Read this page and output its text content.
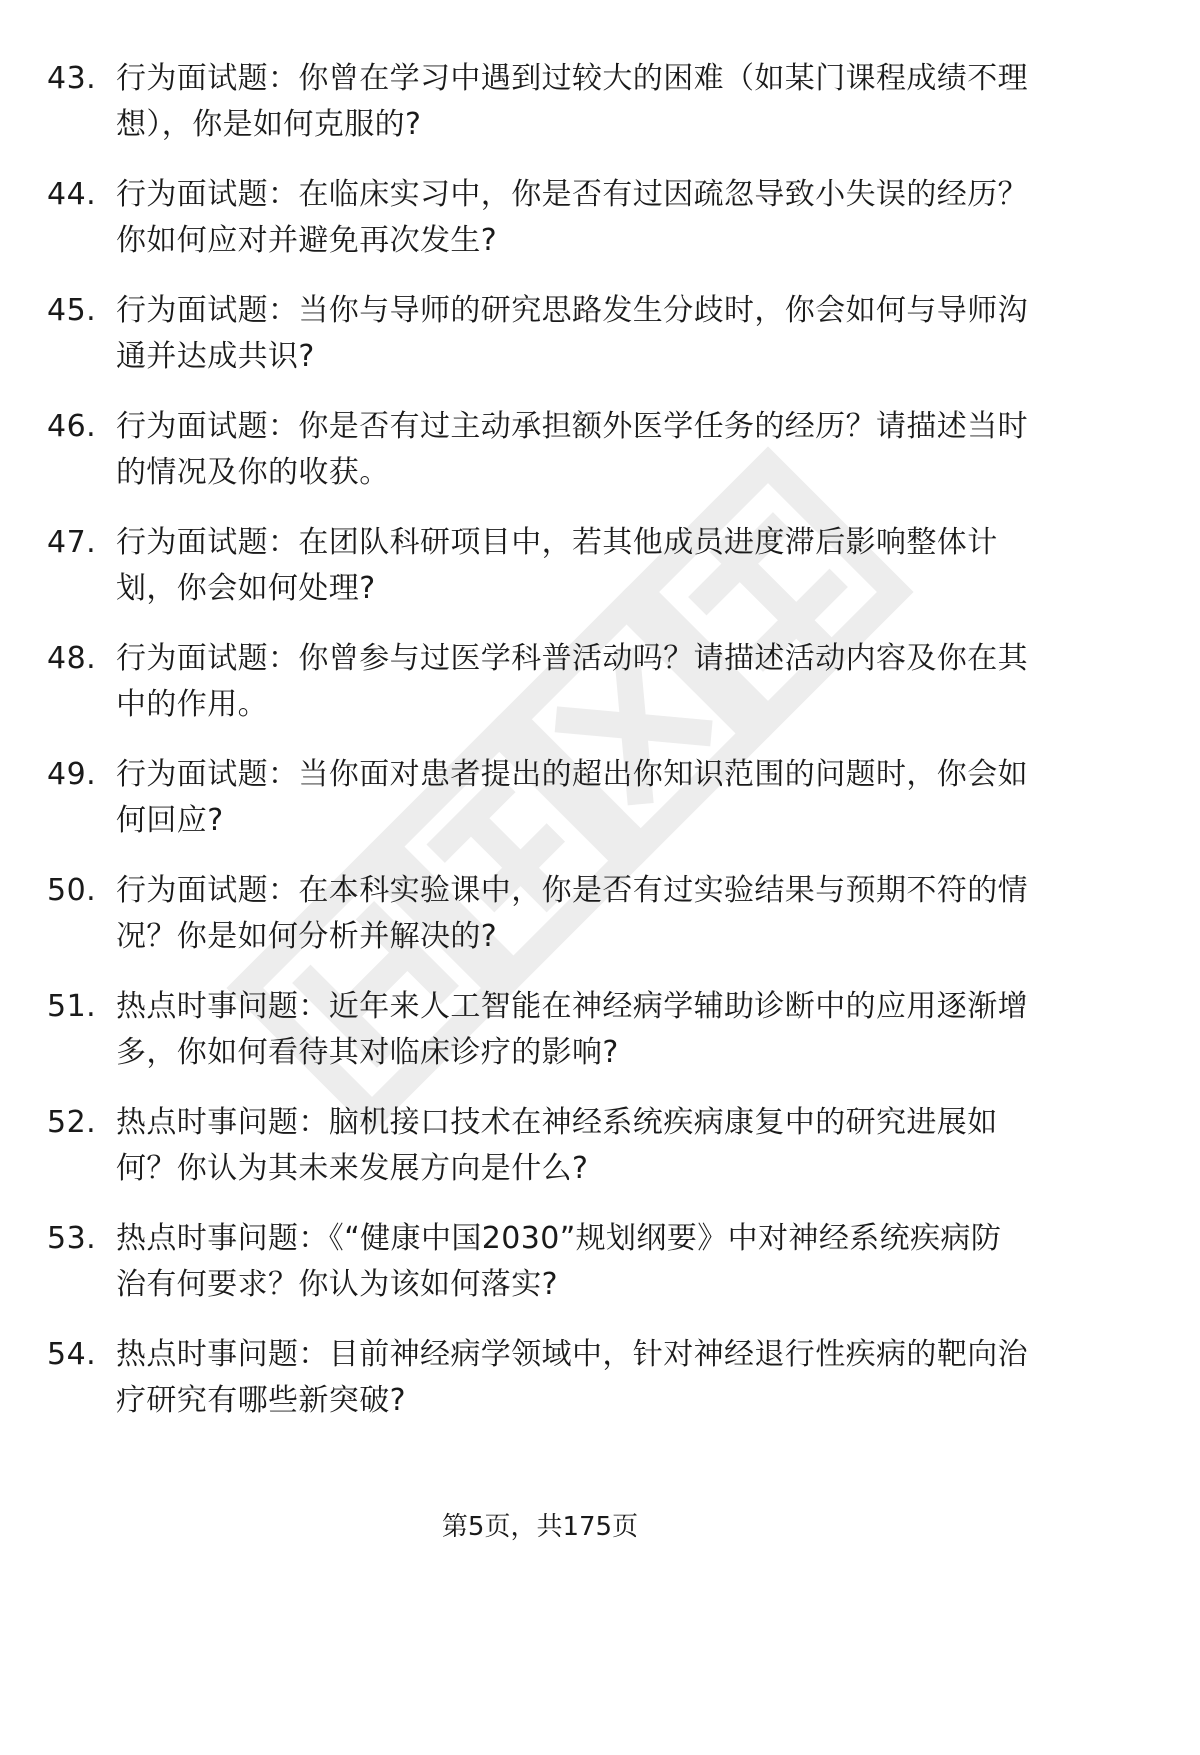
43. 行为面试题：你曾在学习中遇到过较大的困难（如某门课程成绩不理想），你是如何克服的?
44. 行为面试题：在临床实习中，你是否有过因疏忽导致小失误的经历？你如何应对并避免再次发生?
45. 行为面试题：当你与导师的研究思路发生分歧时，你会如何与导师沟通并达成共识?
46. 行为面试题：你是否有过主动承担额外医学任务的经历？请描述当时的情况及你的收获。
47. 行为面试题：在团队科研项目中，若其他成员进度滞后影响整体计划，你会如何处理?
48. 行为面试题：你曾参与过医学科普活动吗？请描述活动内容及你在其中的作用。
49. 行为面试题：当你面对患者提出的超出你知识范围的问题时，你会如何回应?
50. 行为面试题：在本科实验课中，你是否有过实验结果与预期不符的情况？你是如何分析并解决的?
51. 热点时事问题：近年来人工智能在神经病学辅助诊断中的应用逐渐增多，你如何看待其对临床诊疗的影响?
52. 热点时事问题：脑机接口技术在神经系统疾病康复中的研究进展如何？你认为其未来发展方向是什么?
53. 热点时事问题：《“健康中国2030”规划纲要》中对神经系统疾病防治有何要求？你认为该如何落实?
54. 热点时事问题：目前神经病学领域中，针对神经退行性疾病的靶向治疗研究有哪些新突破?
第5页，共175页
